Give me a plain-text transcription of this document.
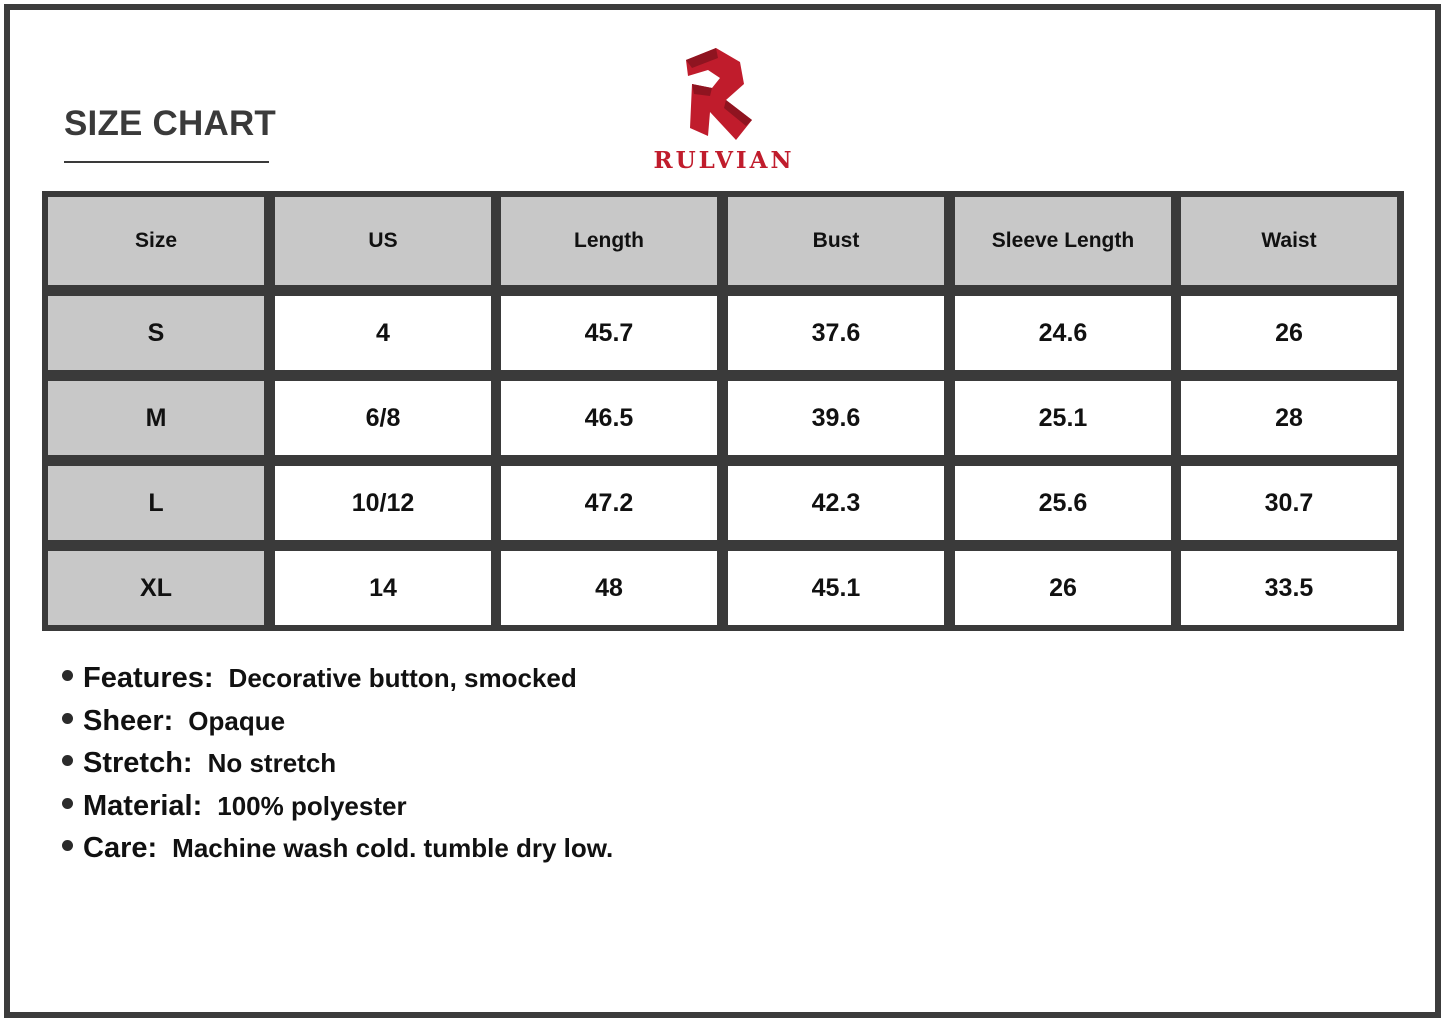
SIZE CHART
RULVIAN
Size	US	Length	Bust	Sleeve Length	Waist
S	4	45.7	37.6	24.6	26
M	6/8	46.5	39.6	25.1	28
L	10/12	47.2	42.3	25.6	30.7
XL	14	48	45.1	26	33.5
Features: Decorative button, smocked
Sheer: Opaque
Stretch: No stretch
Material: 100% polyester
Care: Machine wash cold. tumble dry low.
